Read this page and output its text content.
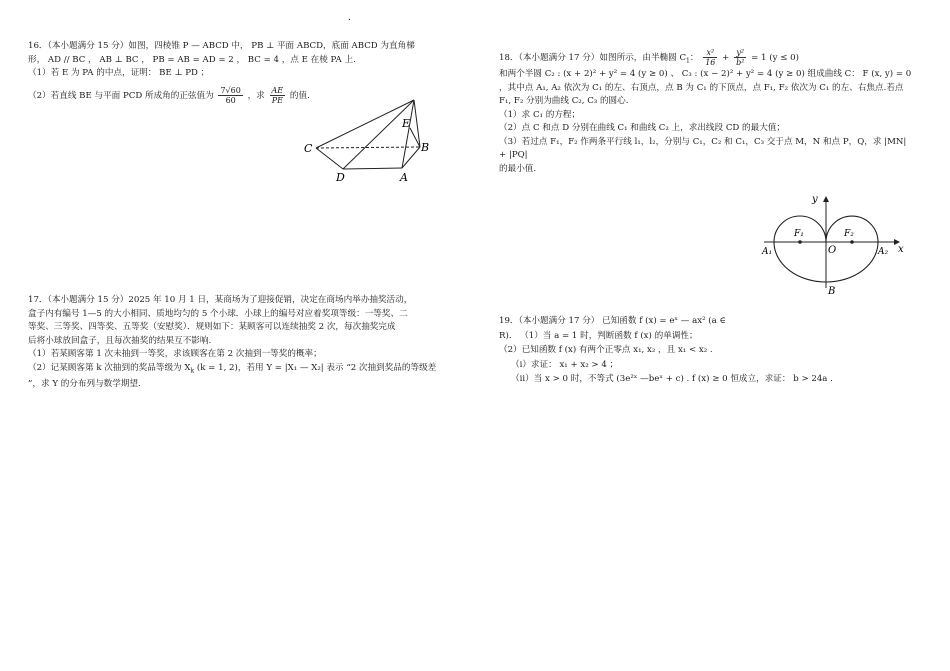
.

16．（本小题满分 15 分）如图，四棱锥 P — ABCD 中， PB ⊥ 平面 ABCD，底面 ABCD 为直角梯

形， AD // BC ， AB ⊥ BC ， PB = AB = AD = 2 ， BC = 4 ，点 E 在棱 PA 上.

（1）若 E 为 PA 的中点，证明： BE ⊥ PD ；

（2）若直线 BE 与平面 PCD 所成角的正弦值为 $\frac{7√60}{60}$ ，求 $\frac{AE}{PE}$ 的值.

C	B
D	A
E

17．（本小题满分 15 分）2025 年 10 月 1 日，某商场为了迎接促销，决定在商场内举办抽奖活动，

盒子内有编号 1—5 的大小相同、质地均匀的 5 个小球．小球上的编号对应着奖项等级：一等奖、二

等奖、三等奖、四等奖、五等奖（安慰奖）．规则如下：某顾客可以连续抽奖 2 次，每次抽奖完成

后将小球放回盒子，且每次抽奖的结果互不影响.

（1）若某顾客第 1 次未抽到一等奖，求该顾客在第 2 次抽到一等奖的概率；

（2）记某顾客第 k 次抽到的奖品等级为 $X_k$ (k = 1, 2)，若用 Y = |X₁ — X₂| 表示 “2 次抽到奖品的等级差

”，求 Y 的分布列与数学期望.

18．（本小题满分 17 分）如图所示，由半椭圆 $C_1$： $\frac{\text{x²}}{16} + \frac{\text{y²}}{\text{b²}} = 1$ (y ≤ 0)

和两个半圆 C₂ : (x + 2)² + y² = 4 (y ≥ 0) 、 C₃ : (x − 2)² + y² = 4 (y ≥ 0) 组成曲线 C： F (x, y) = 0

，其中点 A₁, A₂ 依次为 C₁ 的左、右顶点，点 B 为 C₁ 的下顶点，点 F₁, F₂ 依次为 C₁ 的左、右焦点.若点

F₁, F₂ 分别为曲线 C₂, C₃ 的圆心.

（1）求 C₁ 的方程；

（2）点 C 和点 D 分别在曲线 C₁ 和曲线 C₂ 上，求出线段 CD 的最大值；

（3）若过点 F₁，F₂ 作两条平行线 l₁，l₂，分别与 C₁，C₂ 和 C₁，C₃ 交于点 M，N 和点 P，Q，求 |MN|

+ |PQ|

的最小值.

y
x
F₁	F₂
O
A₁	A₂
B

19．（本小题满分 17 分） 已知函数 f (x) = eˣ — ax² (a ∈

R)． （1）当 a = 1 时，判断函数 f (x) 的单调性；

（2）已知函数 f (x) 有两个正零点 x₁, x₂ ，且 x₁ < x₂ .

（i）求证： x₁ + x₂ > 4 ；

（ii）当 x > 0 时，不等式 (3e²ˣ —beˣ + c) . f (x) ≥ 0 恒成立，求证： b > 24a .
